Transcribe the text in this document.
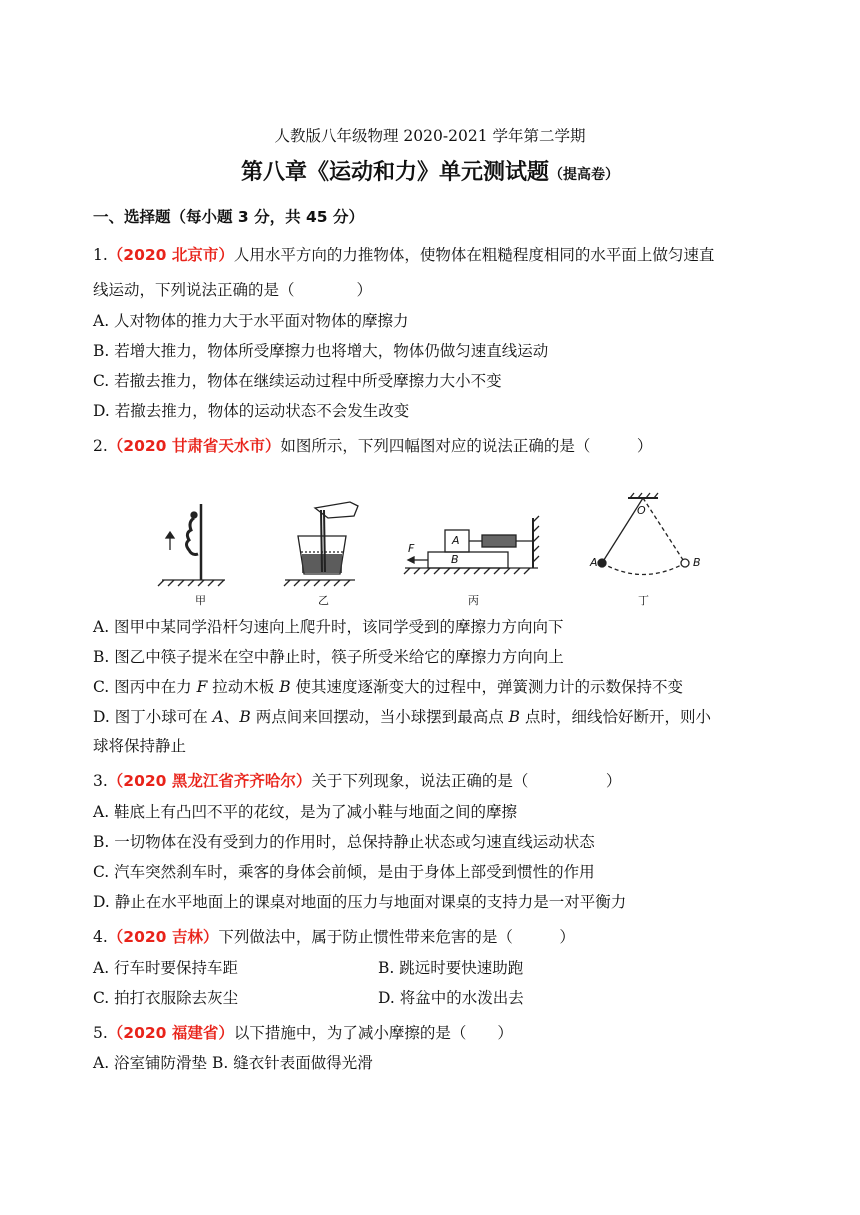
人教版八年级物理 2020-2021 学年第二学期
第八章《运动和力》单元测试题（提高卷）
一、选择题（每小题 3 分，共 45 分）
1.（2020 北京市）人用水平方向的力推物体，使物体在粗糙程度相同的水平面上做匀速直
线运动，下列说法正确的是（　　　　）
A. 人对物体的推力大于水平面对物体的摩擦力
B. 若增大推力，物体所受摩擦力也将增大，物体仍做匀速直线运动
C. 若撤去推力，物体在继续运动过程中所受摩擦力大小不变
D. 若撤去推力，物体的运动状态不会发生改变
2.（2020 甘肃省天水市）如图所示，下列四幅图对应的说法正确的是（　　　）
甲	乙	丙	丁
F
A
B
O
A	B
A. 图甲中某同学沿杆匀速向上爬升时，该同学受到的摩擦力方向向下
B. 图乙中筷子提米在空中静止时，筷子所受米给它的摩擦力方向向上
C. 图丙中在力 F 拉动木板 B 使其速度逐渐变大的过程中，弹簧测力计的示数保持不变
D. 图丁小球可在 A、B 两点间来回摆动，当小球摆到最高点 B 点时，细线恰好断开，则小
球将保持静止
3.（2020 黑龙江省齐齐哈尔）关于下列现象，说法正确的是（　　　　　）
A. 鞋底上有凸凹不平的花纹，是为了减小鞋与地面之间的摩擦
B. 一切物体在没有受到力的作用时，总保持静止状态或匀速直线运动状态
C. 汽车突然刹车时，乘客的身体会前倾，是由于身体上部受到惯性的作用
D. 静止在水平地面上的课桌对地面的压力与地面对课桌的支持力是一对平衡力
4.（2020 吉林）下列做法中，属于防止惯性带来危害的是（　　　）
A. 行车时要保持车距	B. 跳远时要快速助跑
C. 拍打衣服除去灰尘	D. 将盆中的水泼出去
5.（2020 福建省）以下措施中，为了减小摩擦的是（　　）
A. 浴室铺防滑垫 B. 缝衣针表面做得光滑
